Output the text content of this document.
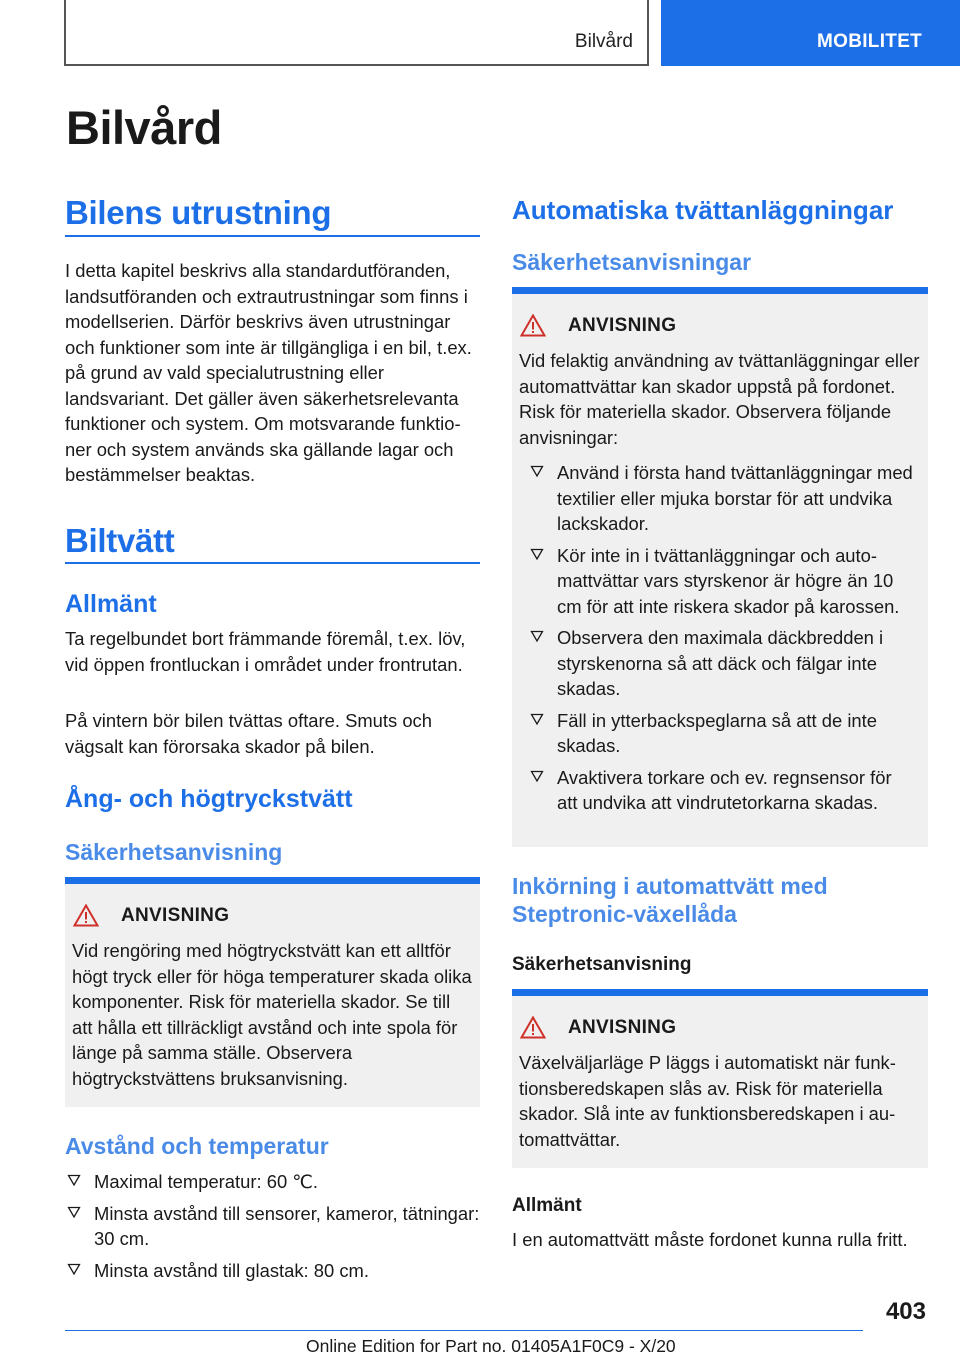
Bilvård	MOBILITET
Bilvård
Bilens utrustning

I detta kapitel beskrivs alla standardutföranden, landsutföranden och extrautrustningar som finns i modellserien. Därför beskrivs även utrustningar och funktioner som inte är tillgängliga i en bil, t.ex. på grund av vald specialutrustning eller landsvariant. Det gäller även säkerhetsrelevanta funktioner och system. Om motsvarande funktioner och system används ska gällande lagar och bestämmelser beaktas.

Biltvätt
Allmänt

Ta regelbundet bort främmande föremål, t.ex. löv, vid öppen frontluckan i området under frontrutan.

På vintern bör bilen tvättas oftare. Smuts och vägsalt kan förorsaka skador på bilen.

Ång- och högtryckstvätt
Säkerhetsanvisning
ANVISNING

Vid rengöring med högtryckstvätt kan ett alltför högt tryck eller för höga temperaturer skada olika komponenter. Risk för materiella skador. Se till att hålla ett tillräckligt avstånd och inte spola för länge på samma ställe. Observera högtryckstvättens bruksanvisning.

Avstånd och temperatur
Maximal temperatur: 60 ℃.
Minsta avstånd till sensorer, kameror, tätningar: 30 cm.
Minsta avstånd till glastak: 80 cm.
Automatiska tvättanläggningar
Säkerhetsanvisningar
ANVISNING

Vid felaktig användning av tvättanläggningar eller automattvättar kan skador uppstå på fordonet. Risk för materiella skador. Observera följande anvisningar:

Använd i första hand tvättanläggningar med textilier eller mjuka borstar för att undvika lackskador.
Kör inte in i tvättanläggningar och automattvättar vars styrskenor är högre än 10 cm för att inte riskera skador på karossen.
Observera den maximala däckbredden i styrskenorna så att däck och fälgar inte skadas.
Fäll in ytterbackspeglarna så att de inte skadas.
Avaktivera torkare och ev. regnsensor för att undvika att vindrutetorkarna skadas.
Inkörning i automattvätt med Steptronic-växellåda
Säkerhetsanvisning
ANVISNING

Växelväljarläge P läggs i automatiskt när funktionsberedskapen slås av. Risk för materiella skador. Slå inte av funktionsberedskapen i automattvättar.

Allmänt

I en automattvätt måste fordonet kunna rulla fritt.

403
Online Edition for Part no. 01405A1F0C9 - X/20
